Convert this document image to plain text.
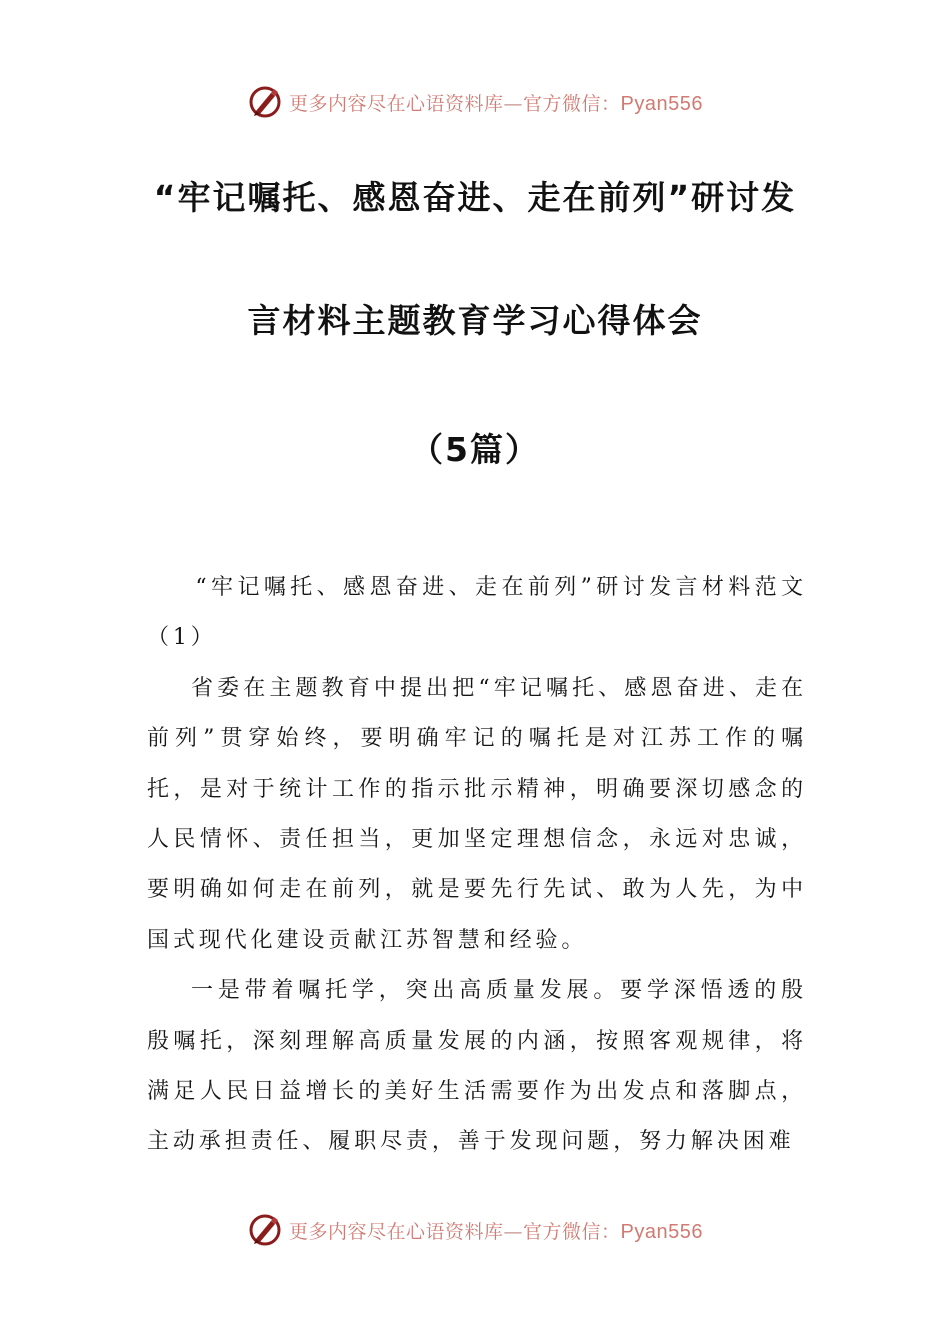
更多内容尽在心语资料库—官方微信：Pyan556
“牢记嘱托、感恩奋进、走在前列”研讨发
言材料主题教育学习心得体会
（5篇）

“牢记嘱托、感恩奋进、走在前列”研讨发言材料范文（1）

省委在主题教育中提出把“牢记嘱托、感恩奋进、走在前列”贯穿始终，要明确牢记的嘱托是对江苏工作的嘱托，是对于统计工作的指示批示精神，明确要深切感念的人民情怀、责任担当，更加坚定理想信念，永远对忠诚，要明确如何走在前列，就是要先行先试、敢为人先，为中国式现代化建设贡献江苏智慧和经验。

一是带着嘱托学，突出高质量发展。要学深悟透的殷殷嘱托，深刻理解高质量发展的内涵，按照客观规律，将满足人民日益增长的美好生活需要作为出发点和落脚点，主动承担责任、履职尽责，善于发现问题，努力解决困难

更多内容尽在心语资料库—官方微信：Pyan556
